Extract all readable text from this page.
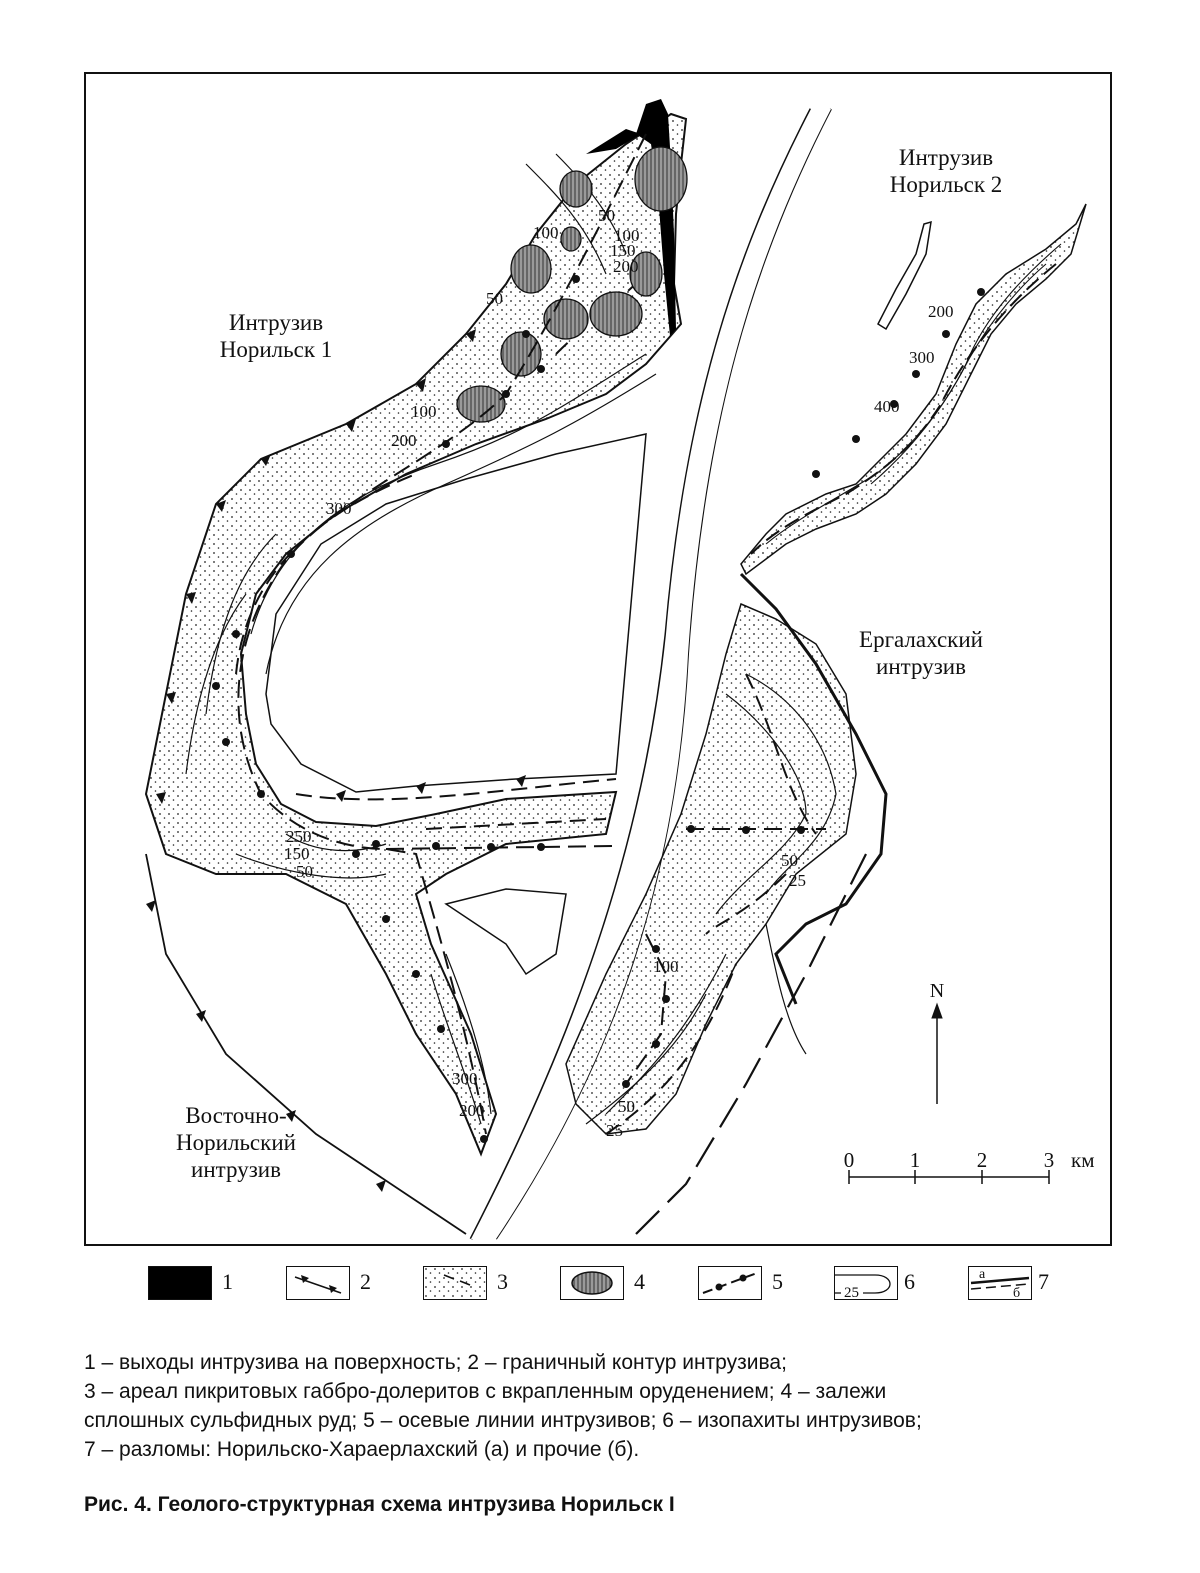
N
0	1	2	3 км
50
100
150
200
100
50
100
200
300
250
150
50
300
200
200
300
400
50
25
100
50
25
Интрузив
Норильск 2
Интрузив
Норильск 1
Ергалахский
интрузив
Восточно-
Норильский
интрузив
1	2	3	4	5	25 6	а
б 7

1 – выходы интрузива на поверхность; 2 – граничный контур интрузива;

3 – ареал пикритовых габбро-долеритов с вкрапленным оруденением; 4 – залежи

сплошных сульфидных руд; 5 – осевые линии интрузивов; 6 – изопахиты интрузивов;

7 – разломы: Норильско-Хараерлахский (а) и прочие (б).

Рис. 4. Геолого-структурная схема интрузива Норильск I
